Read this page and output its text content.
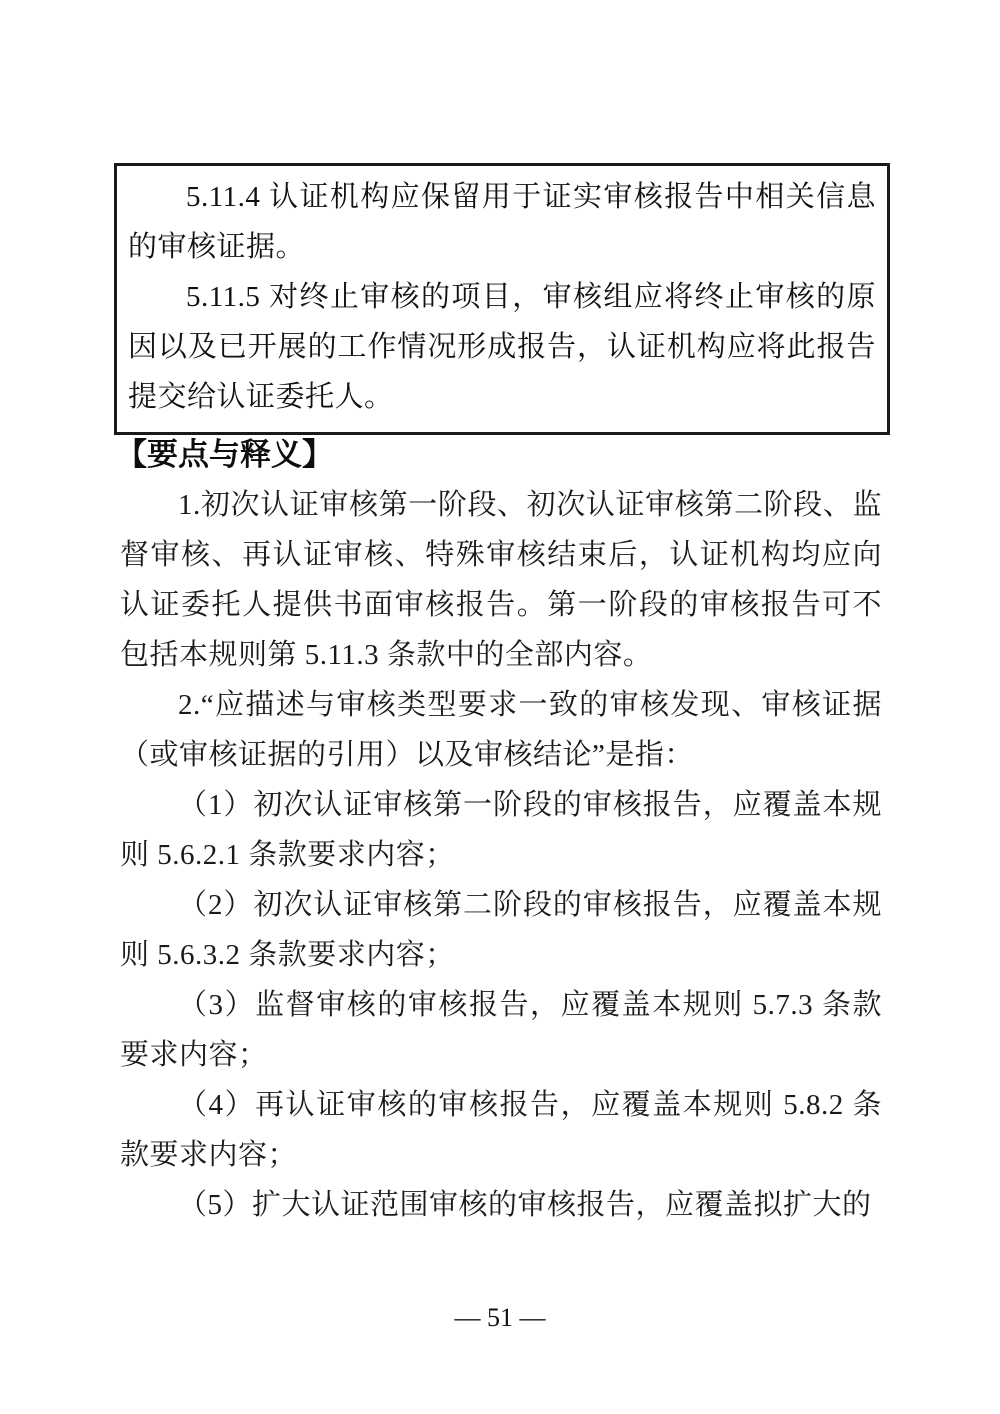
5.11.4 认证机构应保留用于证实审核报告中相关信息的审核证据。

5.11.5 对终止审核的项目，审核组应将终止审核的原因以及已开展的工作情况形成报告，认证机构应将此报告提交给认证委托人。

【要点与释义】

1.初次认证审核第一阶段、初次认证审核第二阶段、监督审核、再认证审核、特殊审核结束后，认证机构均应向认证委托人提供书面审核报告。第一阶段的审核报告可不包括本规则第 5.11.3 条款中的全部内容。

2.“应描述与审核类型要求一致的审核发现、审核证据（或审核证据的引用）以及审核结论”是指：

（1）初次认证审核第一阶段的审核报告，应覆盖本规则 5.6.2.1 条款要求内容；

（2）初次认证审核第二阶段的审核报告，应覆盖本规则 5.6.3.2 条款要求内容；

（3）监督审核的审核报告，应覆盖本规则 5.7.3 条款要求内容；

（4）再认证审核的审核报告，应覆盖本规则 5.8.2 条款要求内容；

（5）扩大认证范围审核的审核报告，应覆盖拟扩大的

— 51 —
